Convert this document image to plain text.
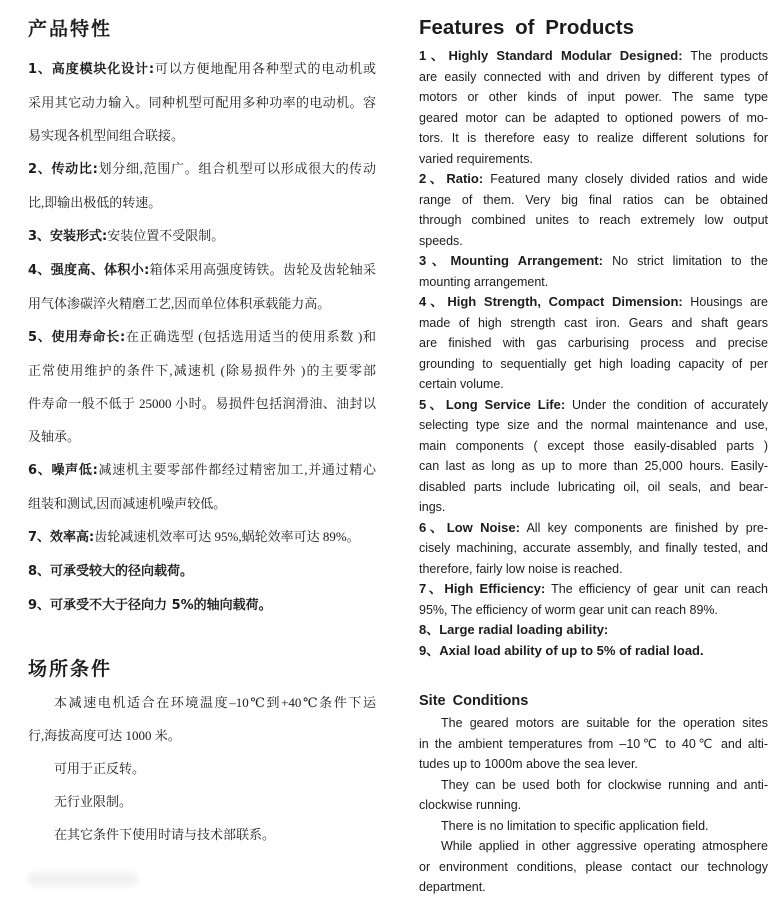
产品特性
1、高度模块化设计:可以方便地配用各种型式的电动机或
采用其它动力输入。同种机型可配用多种功率的电动机。容
易实现各机型间组合联接。
2、传动比:划分细,范围广。组合机型可以形成很大的传动
比,即输出极低的转速。
3、安装形式:安装位置不受限制。
4、强度高、体积小:箱体采用高强度铸铁。齿轮及齿轮轴采
用气体渗碳淬火精磨工艺,因而单位体积承载能力高。
5、使用寿命长:在正确选型 (包括选用适当的使用系数 )和
正常使用维护的条件下,减速机 (除易损件外 )的主要零部
件寿命一般不低于 25000 小时。易损件包括润滑油、油封以
及轴承。
6、噪声低:减速机主要零部件都经过精密加工,并通过精心
组装和测试,因而减速机噪声较低。
7、效率高:齿轮减速机效率可达 95%,蜗轮效率可达 89%。
8、可承受较大的径向载荷。
9、可承受不大于径向力 5%的轴向载荷。
场所条件
本减速电机适合在环境温度–10℃到+40℃条件下运
行,海拔高度可达 1000 米。
可用于正反转。
无行业限制。
在其它条件下使用时请与技术部联系。
Features of Products
1、Highly Standard Modular Designed: The products
are easily connected with and driven by different types of
motors or other kinds of input power. The same type
geared motor can be adapted to optioned powers of mo-
tors. It is therefore easy to realize different solutions for
varied requirements.
2、Ratio: Featured many closely divided ratios and wide
range of them. Very big final ratios can be obtained
through combined unites to reach extremely low output
speeds.
3、Mounting Arrangement: No strict limitation to the
mounting arrangement.
4、High Strength, Compact Dimension: Housings are
made of high strength cast iron. Gears and shaft gears
are finished with gas carburising process and precise
grounding to sequentially get high loading capacity of per
certain volume.
5、Long Service Life: Under the condition of accurately
selecting type size and the normal maintenance and use,
main components ( except those easily-disabled parts )
can last as long as up to more than 25,000 hours. Easily-
disabled parts include lubricating oil, oil seals, and bear-
ings.
6、Low Noise: All key components are finished by pre-
cisely machining, accurate assembly, and finally tested, and
therefore, fairly low noise is reached.
7、High Efficiency: The efficiency of gear unit can reach
95%, The efficiency of worm gear unit can reach 89%.
8、Large radial loading ability:
9、Axial load ability of up to 5% of radial load.
Site Conditions
The geared motors are suitable for the operation sites
in the ambient temperatures from –10℃ to 40℃ and alti-
tudes up to 1000m above the sea lever.
They can be used both for clockwise running and anti-
clockwise running.
There is no limitation to specific application field.
While applied in other aggressive operating atmosphere
or environment conditions, please contact our technology
department.
